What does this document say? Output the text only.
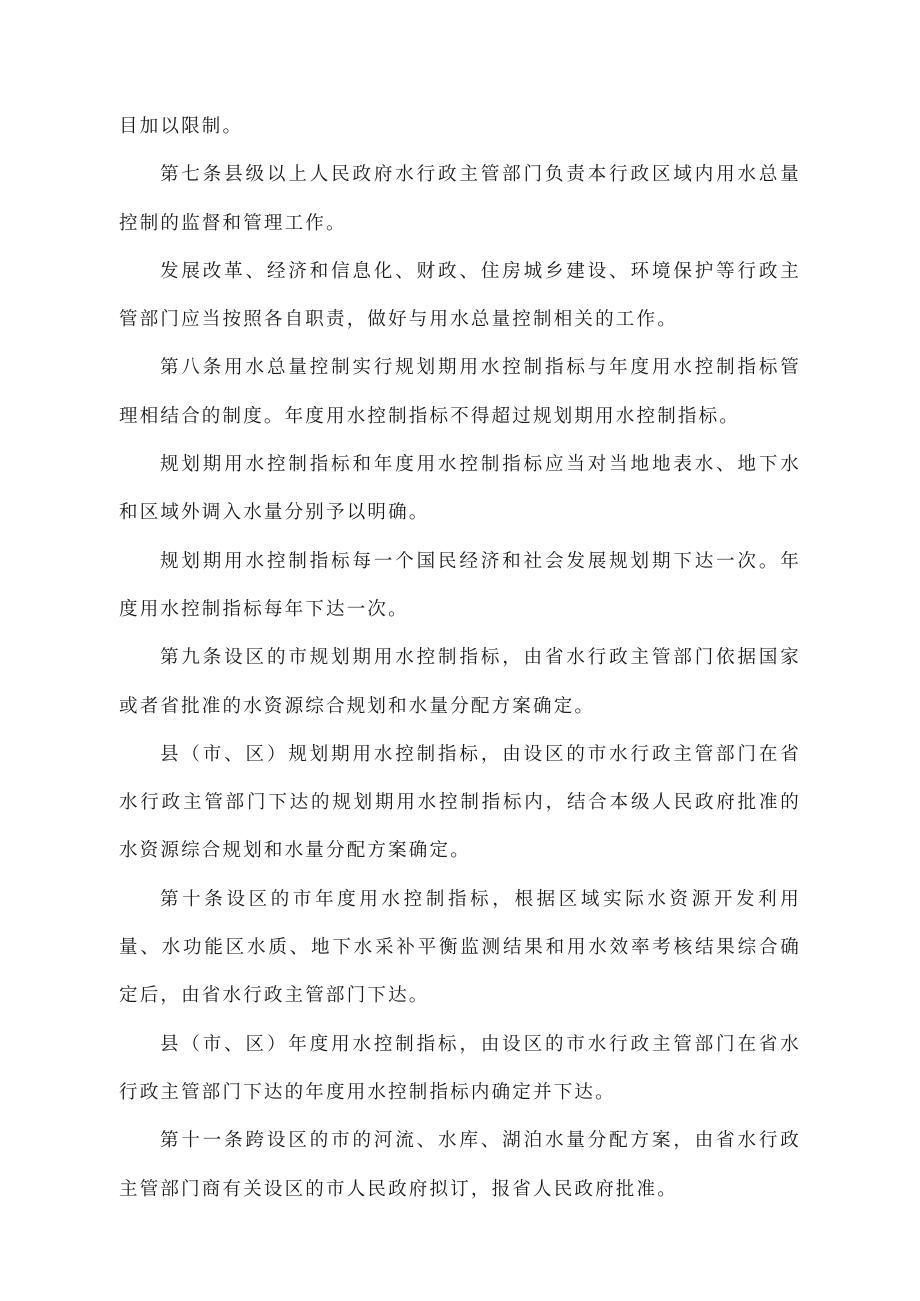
目加以限制。

第七条县级以上人民政府水行政主管部门负责本行政区域内用水总量控制的监督和管理工作。

发展改革、经济和信息化、财政、住房城乡建设、环境保护等行政主管部门应当按照各自职责，做好与用水总量控制相关的工作。

第八条用水总量控制实行规划期用水控制指标与年度用水控制指标管理相结合的制度。年度用水控制指标不得超过规划期用水控制指标。

规划期用水控制指标和年度用水控制指标应当对当地地表水、地下水和区域外调入水量分别予以明确。

规划期用水控制指标每一个国民经济和社会发展规划期下达一次。年度用水控制指标每年下达一次。

第九条设区的市规划期用水控制指标，由省水行政主管部门依据国家或者省批准的水资源综合规划和水量分配方案确定。

县（市、区）规划期用水控制指标，由设区的市水行政主管部门在省水行政主管部门下达的规划期用水控制指标内，结合本级人民政府批准的水资源综合规划和水量分配方案确定。

第十条设区的市年度用水控制指标，根据区域实际水资源开发利用量、水功能区水质、地下水采补平衡监测结果和用水效率考核结果综合确定后，由省水行政主管部门下达。

县（市、区）年度用水控制指标，由设区的市水行政主管部门在省水行政主管部门下达的年度用水控制指标内确定并下达。

第十一条跨设区的市的河流、水库、湖泊水量分配方案，由省水行政主管部门商有关设区的市人民政府拟订，报省人民政府批准。
